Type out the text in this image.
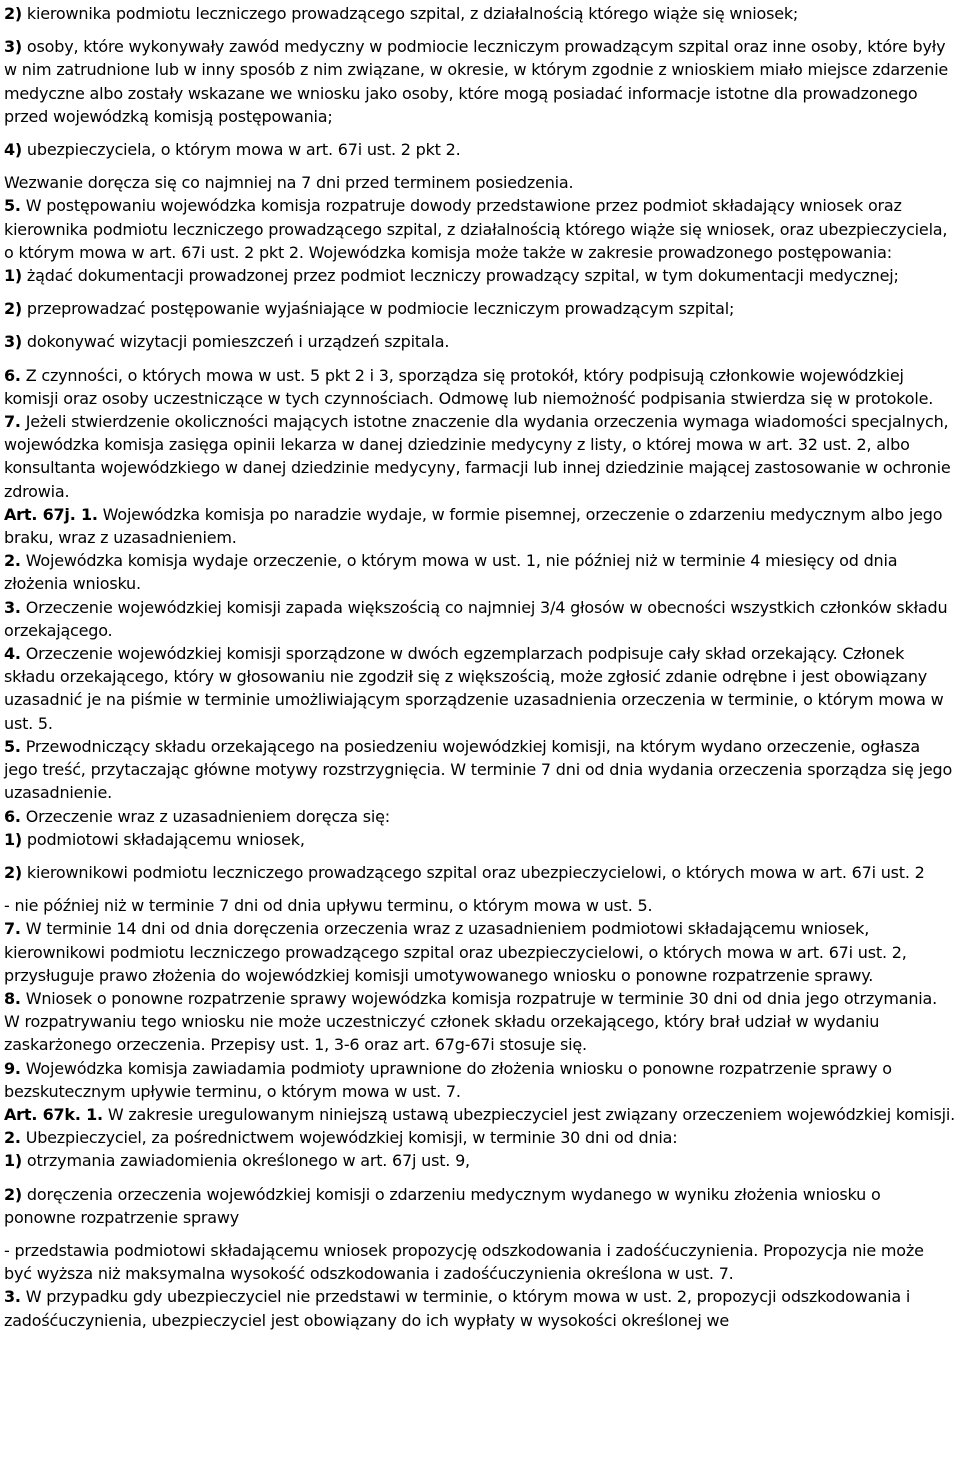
2) kierownika podmiotu leczniczego prowadzącego szpital, z działalnością którego wiąże się wniosek;

3) osoby, które wykonywały zawód medyczny w podmiocie leczniczym prowadzącym szpital oraz inne osoby, które były w nim zatrudnione lub w inny sposób z nim związane, w okresie, w którym zgodnie z wnioskiem miało miejsce zdarzenie medyczne albo zostały wskazane we wniosku jako osoby, które mogą posiadać informacje istotne dla prowadzonego przed wojewódzką komisją postępowania;

4) ubezpieczyciela, o którym mowa w art. 67i ust. 2 pkt 2.

Wezwanie doręcza się co najmniej na 7 dni przed terminem posiedzenia.

5. W postępowaniu wojewódzka komisja rozpatruje dowody przedstawione przez podmiot składający wniosek oraz kierownika podmiotu leczniczego prowadzącego szpital, z działalnością którego wiąże się wniosek, oraz ubezpieczyciela, o którym mowa w art. 67i ust. 2 pkt 2. Wojewódzka komisja może także w zakresie prowadzonego postępowania:

1) żądać dokumentacji prowadzonej przez podmiot leczniczy prowadzący szpital, w tym dokumentacji medycznej;

2) przeprowadzać postępowanie wyjaśniające w podmiocie leczniczym prowadzącym szpital;

3) dokonywać wizytacji pomieszczeń i urządzeń szpitala.

6. Z czynności, o których mowa w ust. 5 pkt 2 i 3, sporządza się protokół, który podpisują członkowie wojewódzkiej komisji oraz osoby uczestniczące w tych czynnościach. Odmowę lub niemożność podpisania stwierdza się w protokole.

7. Jeżeli stwierdzenie okoliczności mających istotne znaczenie dla wydania orzeczenia wymaga wiadomości specjalnych, wojewódzka komisja zasięga opinii lekarza w danej dziedzinie medycyny z listy, o której mowa w art. 32 ust. 2, albo konsultanta wojewódzkiego w danej dziedzinie medycyny, farmacji lub innej dziedzinie mającej zastosowanie w ochronie zdrowia.

Art. 67j. 1. Wojewódzka komisja po naradzie wydaje, w formie pisemnej, orzeczenie o zdarzeniu medycznym albo jego braku, wraz z uzasadnieniem.

2. Wojewódzka komisja wydaje orzeczenie, o którym mowa w ust. 1, nie później niż w terminie 4 miesięcy od dnia złożenia wniosku.

3. Orzeczenie wojewódzkiej komisji zapada większością co najmniej 3/4 głosów w obecności wszystkich członków składu orzekającego.

4. Orzeczenie wojewódzkiej komisji sporządzone w dwóch egzemplarzach podpisuje cały skład orzekający. Członek składu orzekającego, który w głosowaniu nie zgodził się z większością, może zgłosić zdanie odrębne i jest obowiązany uzasadnić je na piśmie w terminie umożliwiającym sporządzenie uzasadnienia orzeczenia w terminie, o którym mowa w ust. 5.

5. Przewodniczący składu orzekającego na posiedzeniu wojewódzkiej komisji, na którym wydano orzeczenie, ogłasza jego treść, przytaczając główne motywy rozstrzygnięcia. W terminie 7 dni od dnia wydania orzeczenia sporządza się jego uzasadnienie.

6. Orzeczenie wraz z uzasadnieniem doręcza się:

1) podmiotowi składającemu wniosek,

2) kierownikowi podmiotu leczniczego prowadzącego szpital oraz ubezpieczycielowi, o których mowa w art. 67i ust. 2

- nie później niż w terminie 7 dni od dnia upływu terminu, o którym mowa w ust. 5.

7. W terminie 14 dni od dnia doręczenia orzeczenia wraz z uzasadnieniem podmiotowi składającemu wniosek, kierownikowi podmiotu leczniczego prowadzącego szpital oraz ubezpieczycielowi, o których mowa w art. 67i ust. 2, przysługuje prawo złożenia do wojewódzkiej komisji umotywowanego wniosku o ponowne rozpatrzenie sprawy.

8. Wniosek o ponowne rozpatrzenie sprawy wojewódzka komisja rozpatruje w terminie 30 dni od dnia jego otrzymania. W rozpatrywaniu tego wniosku nie może uczestniczyć członek składu orzekającego, który brał udział w wydaniu zaskarżonego orzeczenia. Przepisy ust. 1, 3-6 oraz art. 67g-67i stosuje się.

9. Wojewódzka komisja zawiadamia podmioty uprawnione do złożenia wniosku o ponowne rozpatrzenie sprawy o bezskutecznym upływie terminu, o którym mowa w ust. 7.

Art. 67k. 1. W zakresie uregulowanym niniejszą ustawą ubezpieczyciel jest związany orzeczeniem wojewódzkiej komisji.

2. Ubezpieczyciel, za pośrednictwem wojewódzkiej komisji, w terminie 30 dni od dnia:

1) otrzymania zawiadomienia określonego w art. 67j ust. 9,

2) doręczenia orzeczenia wojewódzkiej komisji o zdarzeniu medycznym wydanego w wyniku złożenia wniosku o ponowne rozpatrzenie sprawy

- przedstawia podmiotowi składającemu wniosek propozycję odszkodowania i zadośćuczynienia. Propozycja nie może być wyższa niż maksymalna wysokość odszkodowania i zadośćuczynienia określona w ust. 7.

3. W przypadku gdy ubezpieczyciel nie przedstawi w terminie, o którym mowa w ust. 2, propozycji odszkodowania i zadośćuczynienia, ubezpieczyciel jest obowiązany do ich wypłaty w wysokości określonej we
